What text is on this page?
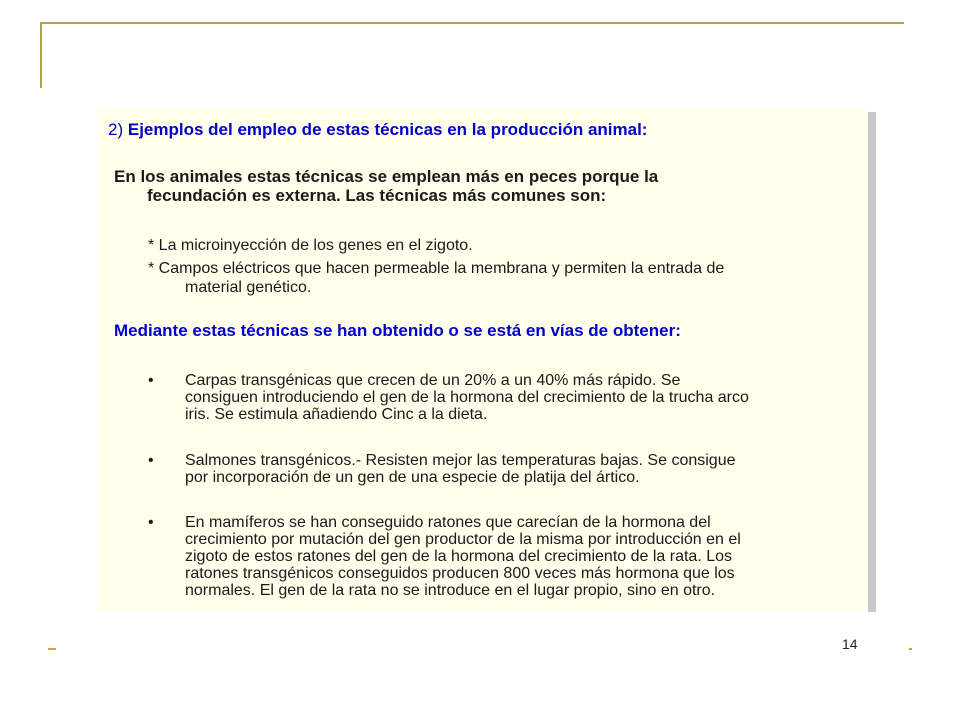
2) Ejemplos del empleo de estas técnicas en la producción animal:
En los animales estas técnicas se emplean más en peces porque la
fecundación es externa. Las técnicas más comunes son:
* La microinyección de los genes en el zigoto.
* Campos eléctricos que hacen permeable la membrana y permiten la entrada de
material genético.
Mediante estas técnicas se han obtenido o se está en vías de obtener:
• Carpas transgénicas que crecen de un 20% a un 40% más rápido. Se
consiguen introduciendo el gen de la hormona del crecimiento de la trucha arco
iris. Se estimula añadiendo Cinc a la dieta.
• Salmones transgénicos.- Resisten mejor las temperaturas bajas. Se consigue
por incorporación de un gen de una especie de platija del ártico.
• En mamíferos se han conseguido ratones que carecían de la hormona del
crecimiento por mutación del gen productor de la misma por introducción en el
zigoto de estos ratones del gen de la hormona del crecimiento de la rata. Los
ratones transgénicos conseguidos producen 800 veces más hormona que los
normales. El gen de la rata no se introduce en el lugar propio, sino en otro.
14
